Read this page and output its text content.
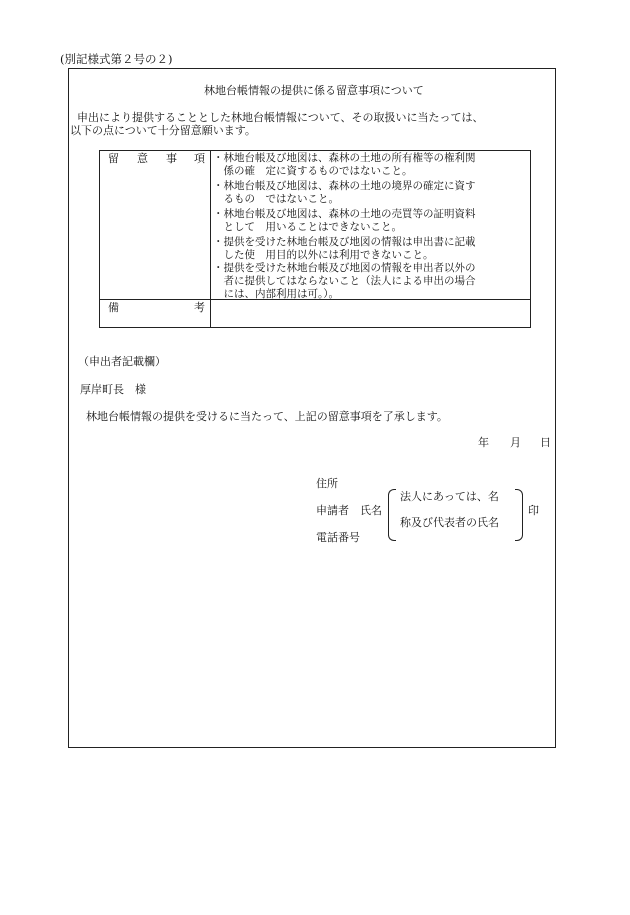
(別記様式第２号の２)
林地台帳情報の提供に係る留意事項について
　申出により提供することとした林地台帳情報について、その取扱いに当たっては、
以下の点について十分留意願います。
留 意 事 項 ・林地台帳及び地図は、森林の土地の所有権等の権利関
　係の確　定に資するものではないこと。
・林地台帳及び地図は、森林の土地の境界の確定に資す
　るもの　ではないこと。
・林地台帳及び地図は、森林の土地の売買等の証明資料
　として　用いることはできないこと。
・提供を受けた林地台帳及び地図の情報は申出書に記載
　した使　用目的以外には利用できないこと。
・提供を受けた林地台帳及び地図の情報を申出者以外の
　者に提供してはならないこと（法人による申出の場合
　には、内部利用は可。）。
備	考
（申出者記載欄）
厚岸町長　様
林地台帳情報の提供を受けるに当たって、上記の留意事項を了承します。
年 月 日
住所
申請者 氏名
法人にあっては、名
称及び代表者の氏名
印
電話番号
